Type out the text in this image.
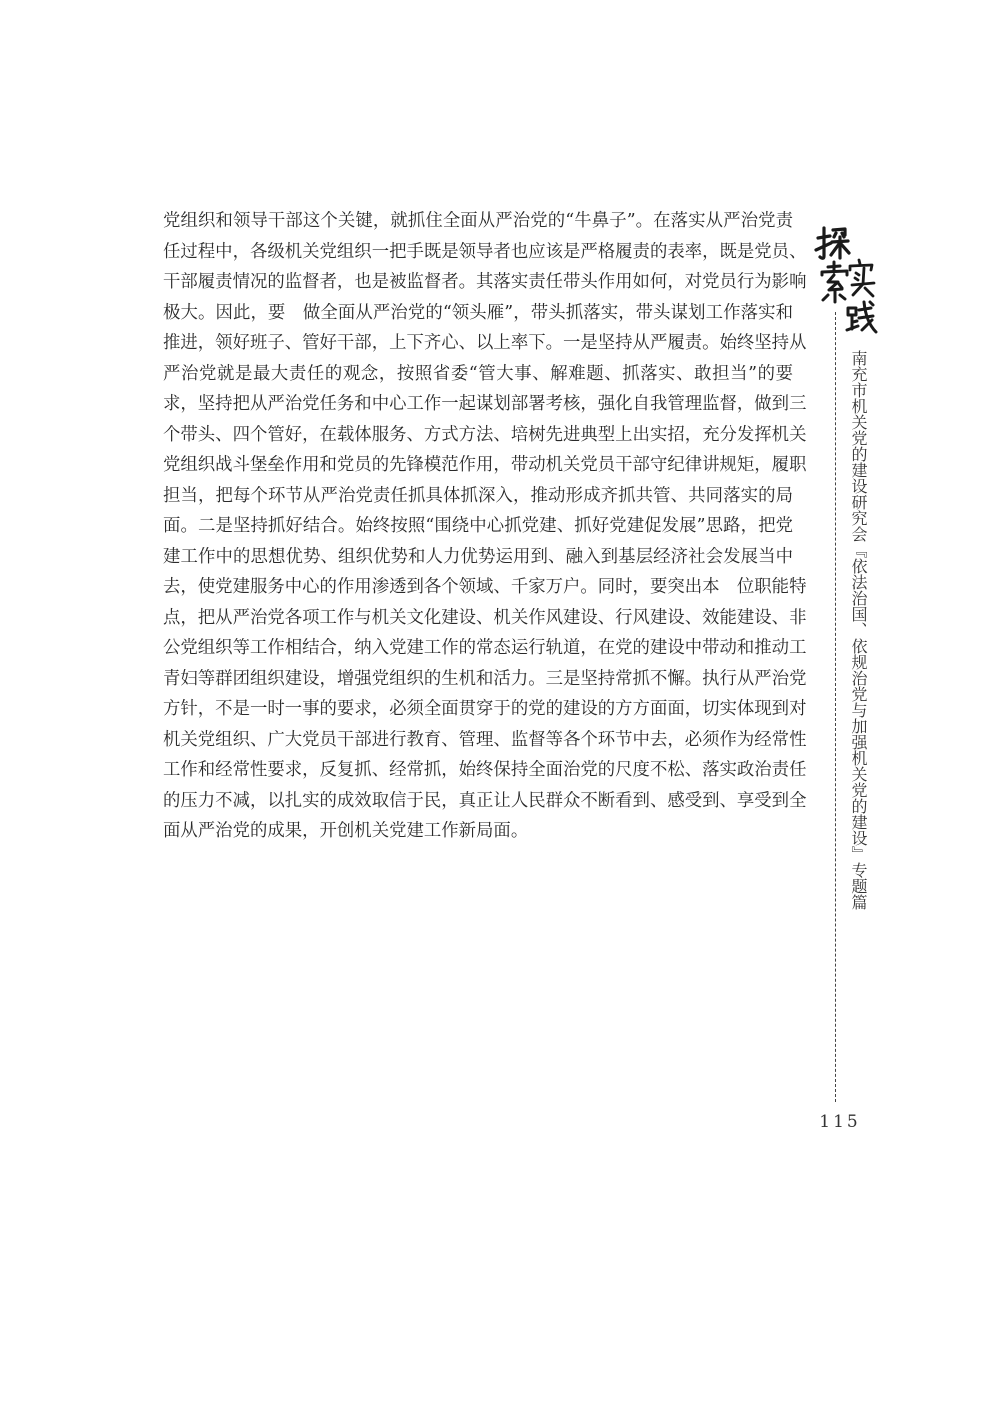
党组织和领导干部这个关键，就抓住全面从严治党的“牛鼻子”。在落实从严治党责
任过程中，各级机关党组织一把手既是领导者也应该是严格履责的表率，既是党员、
干部履责情况的监督者，也是被监督者。其落实责任带头作用如何，对党员行为影响
极大。因此，要　做全面从严治党的“领头雁”，带头抓落实，带头谋划工作落实和
推进，领好班子、管好干部，上下齐心、以上率下。一是坚持从严履责。始终坚持从
严治党就是最大责任的观念，按照省委“管大事、解难题、抓落实、敢担当”的要
求，坚持把从严治党任务和中心工作一起谋划部署考核，强化自我管理监督，做到三
个带头、四个管好，在载体服务、方式方法、培树先进典型上出实招，充分发挥机关
党组织战斗堡垒作用和党员的先锋模范作用，带动机关党员干部守纪律讲规矩，履职
担当，把每个环节从严治党责任抓具体抓深入，推动形成齐抓共管、共同落实的局
面。二是坚持抓好结合。始终按照“围绕中心抓党建、抓好党建促发展”思路，把党
建工作中的思想优势、组织优势和人力优势运用到、融入到基层经济社会发展当中
去，使党建服务中心的作用渗透到各个领域、千家万户。同时，要突出本　位职能特
点，把从严治党各项工作与机关文化建设、机关作风建设、行风建设、效能建设、非
公党组织等工作相结合，纳入党建工作的常态运行轨道，在党的建设中带动和推动工
青妇等群团组织建设，增强党组织的生机和活力。三是坚持常抓不懈。执行从严治党
方针，不是一时一事的要求，必须全面贯穿于的党的建设的方方面面，切实体现到对
机关党组织、广大党员干部进行教育、管理、监督等各个环节中去，必须作为经常性
工作和经常性要求，反复抓、经常抓，始终保持全面治党的尺度不松、落实政治责任
的压力不减，以扎实的成效取信于民，真正让人民群众不断看到、感受到、享受到全
面从严治党的成果，开创机关党建工作新局面。	南充市机关党的建设研究会『依法治国、依规治党与加强机关党的建设』专题篇
115
